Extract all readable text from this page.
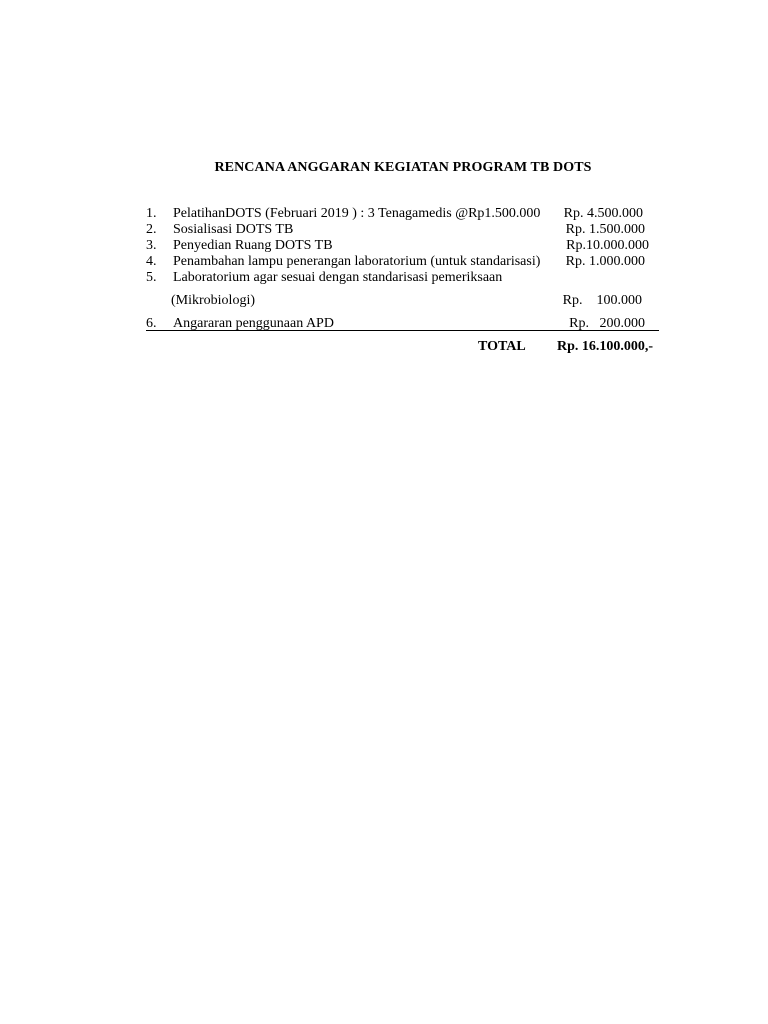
RENCANA ANGGARAN KEGIATAN PROGRAM TB DOTS
1. PelatihanDOTS (Februari 2019 ) : 3 Tenagamedis @Rp1.500.000 Rp. 4.500.000
2. Sosialisasi DOTS TB	Rp. 1.500.000
3. Penyedian Ruang DOTS TB	Rp.10.000.000
4. Penambahan lampu penerangan laboratorium (untuk standarisasi) Rp. 1.000.000
5. Laboratorium agar sesuai dengan standarisasi pemeriksaan
(Mikrobiologi)	Rp.    100.000
6. Angararan penggunaan APD	Rp.   200.000
TOTAL Rp. 16.100.000,-
